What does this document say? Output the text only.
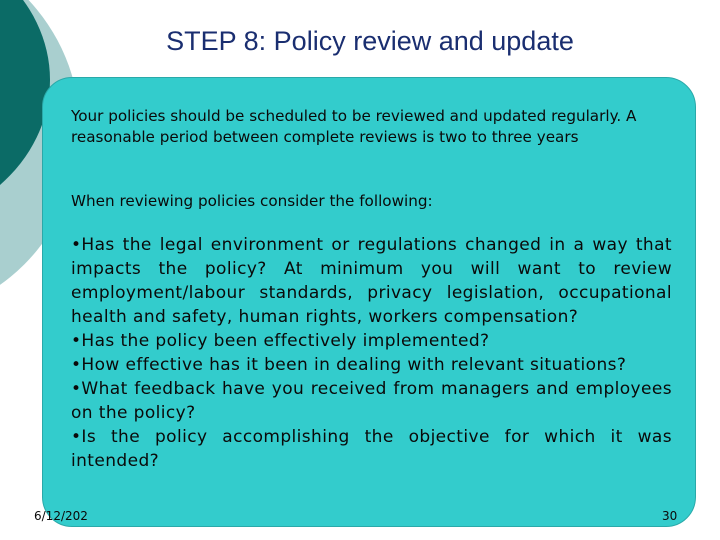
STEP 8: Policy review and update

Your policies should be scheduled to be reviewed and updated regularly. A reasonable period between complete reviews is two to three years

When reviewing policies consider the following:

•Has the legal environment or regulations changed in a way that impacts the policy? At minimum you will want to review employment/labour standards, privacy legislation, occupational health and safety, human rights, workers compensation?

•Has the policy been effectively implemented?

•How effective has it been in dealing with relevant situations?

•What feedback have you received from managers and employees on the policy?

•Is the policy accomplishing the objective for which it was intended?

6/12/202	30
